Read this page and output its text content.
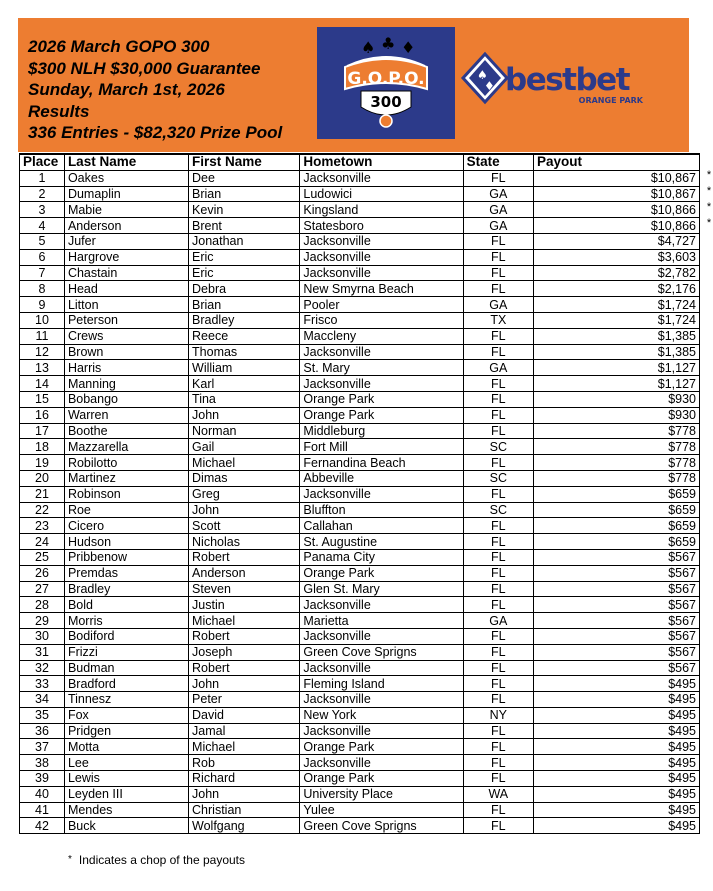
2026 March GOPO 300
$300 NLH $30,000 Guarantee
Sunday, March 1st, 2026
Results
336 Entries - $82,320 Prize Pool
♠ ♣ ♦
G.O.P.O.
300
♠
♦ bestbet
ORANGE PARK
Place	Last Name	First Name	Hometown	State	Payout
1	Oakes	Dee	Jacksonville	FL	$10,867
2	Dumaplin	Brian	Ludowici	GA	$10,867
3	Mabie	Kevin	Kingsland	GA	$10,866
4	Anderson	Brent	Statesboro	GA	$10,866
5	Jufer	Jonathan	Jacksonville	FL	$4,727
6	Hargrove	Eric	Jacksonville	FL	$3,603
7	Chastain	Eric	Jacksonville	FL	$2,782
8	Head	Debra	New Smyrna Beach	FL	$2,176
9	Litton	Brian	Pooler	GA	$1,724
10	Peterson	Bradley	Frisco	TX	$1,724
11	Crews	Reece	Maccleny	FL	$1,385
12	Brown	Thomas	Jacksonville	FL	$1,385
13	Harris	William	St. Mary	GA	$1,127
14	Manning	Karl	Jacksonville	FL	$1,127
15	Bobango	Tina	Orange Park	FL	$930
16	Warren	John	Orange Park	FL	$930
17	Boothe	Norman	Middleburg	FL	$778
18	Mazzarella	Gail	Fort Mill	SC	$778
19	Robilotto	Michael	Fernandina Beach	FL	$778
20	Martinez	Dimas	Abbeville	SC	$778
21	Robinson	Greg	Jacksonville	FL	$659
22	Roe	John	Bluffton	SC	$659
23	Cicero	Scott	Callahan	FL	$659
24	Hudson	Nicholas	St. Augustine	FL	$659
25	Pribbenow	Robert	Panama City	FL	$567
26	Premdas	Anderson	Orange Park	FL	$567
27	Bradley	Steven	Glen St. Mary	FL	$567
28	Bold	Justin	Jacksonville	FL	$567
29	Morris	Michael	Marietta	GA	$567
30	Bodiford	Robert	Jacksonville	FL	$567
31	Frizzi	Joseph	Green Cove Sprigns	FL	$567
32	Budman	Robert	Jacksonville	FL	$567
33	Bradford	John	Fleming Island	FL	$495
34	Tinnesz	Peter	Jacksonville	FL	$495
35	Fox	David	New York	NY	$495
36	Pridgen	Jamal	Jacksonville	FL	$495
37	Motta	Michael	Orange Park	FL	$495
38	Lee	Rob	Jacksonville	FL	$495
39	Lewis	Richard	Orange Park	FL	$495
40	Leyden III	John	University Place	WA	$495
41	Mendes	Christian	Yulee	FL	$495
42	Buck	Wolfgang	Green Cove Sprigns	FL	$495
*
*
*
*
* Indicates a chop of the payouts
